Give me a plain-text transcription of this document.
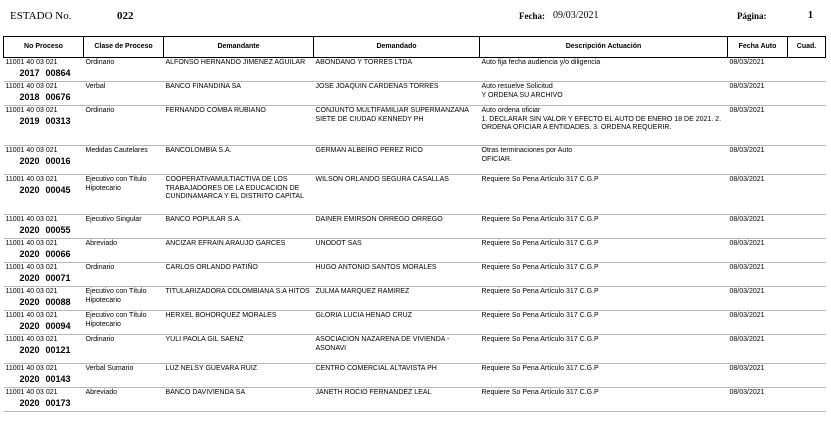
ESTADO No.	022	Fecha: 09/03/2021	Página:	1
No Proceso	Clase de Proceso	Demandante	Demandado	Descripción Actuación	Fecha Auto	Cuad.

11001 40 03 021
2017 00864	Ordinario	ALFONSO HERNANDO JIMENEZ AGUILAR	ABONDANO Y TORRES LTDA	Auto fija fecha audiencia y/o diligencia	08/03/2021	

11001 40 03 021
2018 00676	Verbal	BANCO FINANDINA SA	JOSE JOAQUIN CARDENAS TORRES	Auto resuelve Solicitud
Y ORDENA SU ARCHIVO	08/03/2021	

11001 40 03 021
2019 00313	Ordinario	FERNANDO COMBA RUBIANO	CONJUNTO MULTIFAMILIAR SUPERMANZANA SIETE DE CIUDAD KENNEDY PH	Auto ordena oficiar
1. DECLARAR SIN VALOR Y EFECTO EL AUTO DE ENERO 18 DE 2021. 2. ORDENA OFICIAR A ENTIDADES. 3. ORDENA REQUERIR.	08/03/2021	

11001 40 03 021
2020 00016	Medidas Cautelares	BANCOLOMBIA S.A.	GERMAN ALBEIRO PEREZ RICO	Otras terminaciones por Auto
OFICIAR.	08/03/2021	

11001 40 03 021
2020 00045	Ejecutivo con Título Hipotecario	COOPERATIVAMULTIACTIVA DE LOS TRABAJADORES DE LA EDUCACION DE CUNDINAMARCA Y EL DISTRITO CAPITAL	WILSON ORLANDO SEGURA CASALLAS	Requiere So Pena Artículo 317 C.G.P	08/03/2021	

11001 40 03 021
2020 00055	Ejecutivo Singular	BANCO POPULAR S.A.	DAINER EMIRSON ORREGO ORREGO	Requiere So Pena Artículo 317 C.G.P	08/03/2021	

11001 40 03 021
2020 00066	Abreviado	ANCIZAR EFRAIN ARAUJO GARCES	UNODOT SAS	Requiere So Pena Artículo 317 C.G.P	08/03/2021	

11001 40 03 021
2020 00071	Ordinario	CARLOS ORLANDO PATIÑO	HUGO ANTONIO SANTOS MORALES	Requiere So Pena Artículo 317 C.G.P	08/03/2021	

11001 40 03 021
2020 00088	Ejecutivo con Título Hipotecario	TITULARIZADORA COLOMBIANA S.A HITOS	ZULMA MARQUEZ RAMIREZ	Requiere So Pena Artículo 317 C.G.P	08/03/2021	

11001 40 03 021
2020 00094	Ejecutivo con Título Hipotecario	HERXEL BOHORQUEZ MORALES	GLORIA LUCIA HENAO CRUZ	Requiere So Pena Artículo 317 C.G.P	08/03/2021	

11001 40 03 021
2020 00121	Ordinario	YULI PAOLA GIL SAENZ	ASOCIACION NAZARENA DE VIVIENDA - ASONAVI	Requiere So Pena Artículo 317 C.G.P	08/03/2021	

11001 40 03 021
2020 00143	Verbal Sumario	LUZ NELSY GUEVARA RUIZ	CENTRO COMERCIAL ALTAVISTA PH	Requiere So Pena Artículo 317 C.G.P	08/03/2021	

11001 40 03 021
2020 00173	Abreviado	BANCO DAVIVIENDA SA	JANETH ROCIO FERNANDEZ LEAL	Requiere So Pena Artículo 317 C.G.P	08/03/2021	
